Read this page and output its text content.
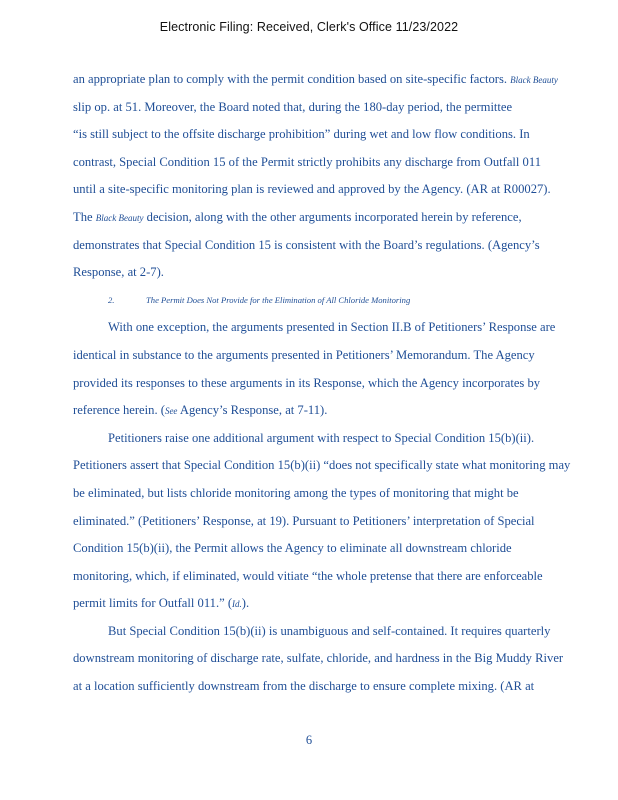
Electronic Filing: Received, Clerk's Office 11/23/2022
an appropriate plan to comply with the permit condition based on site-specific factors. Black Beauty
slip op. at 51. Moreover, the Board noted that, during the 180-day period, the permittee
“is still subject to the offsite discharge prohibition” during wet and low flow conditions. In
contrast, Special Condition 15 of the Permit strictly prohibits any discharge from Outfall 011
until a site-specific monitoring plan is reviewed and approved by the Agency. (AR at R00027).
The Black Beauty decision, along with the other arguments incorporated herein by reference,
demonstrates that Special Condition 15 is consistent with the Board’s regulations. (Agency’s
Response, at 2-7).
2.	The Permit Does Not Provide for the Elimination of All Chloride Monitoring
With one exception, the arguments presented in Section II.B of Petitioners’ Response are
identical in substance to the arguments presented in Petitioners’ Memorandum. The Agency
provided its responses to these arguments in its Response, which the Agency incorporates by
reference herein. (See Agency’s Response, at 7-11).
Petitioners raise one additional argument with respect to Special Condition 15(b)(ii).
Petitioners assert that Special Condition 15(b)(ii) “does not specifically state what monitoring may
be eliminated, but lists chloride monitoring among the types of monitoring that might be
eliminated.” (Petitioners’ Response, at 19). Pursuant to Petitioners’ interpretation of Special
Condition 15(b)(ii), the Permit allows the Agency to eliminate all downstream chloride
monitoring, which, if eliminated, would vitiate “the whole pretense that there are enforceable
permit limits for Outfall 011.” (Id.).
But Special Condition 15(b)(ii) is unambiguous and self-contained. It requires quarterly
downstream monitoring of discharge rate, sulfate, chloride, and hardness in the Big Muddy River
at a location sufficiently downstream from the discharge to ensure complete mixing. (AR at
6
